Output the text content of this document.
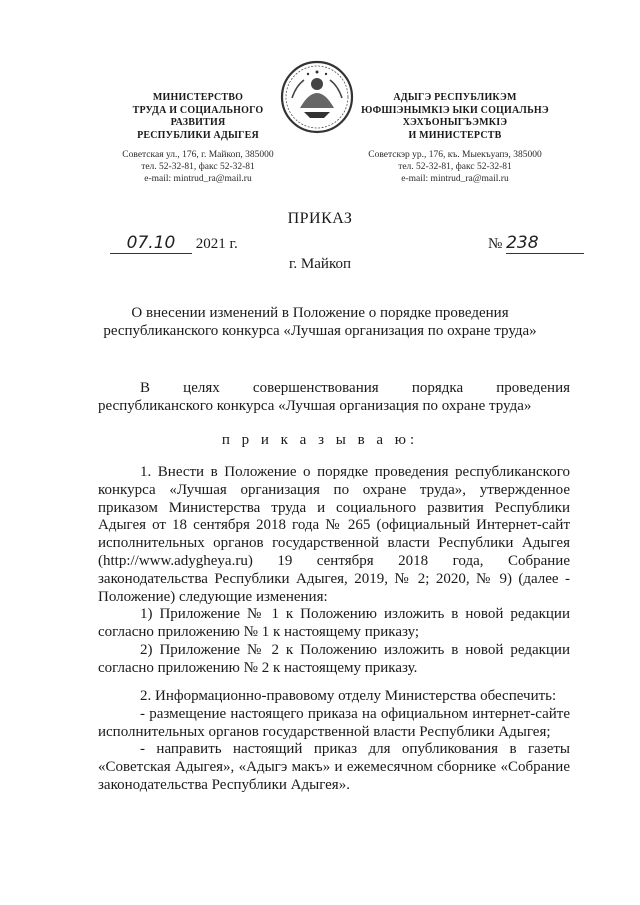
МИНИСТЕРСТВО
ТРУДА И СОЦИАЛЬНОГО
РАЗВИТИЯ
РЕСПУБЛИКИ АДЫГЕЯ
Советская ул., 176, г. Майкоп, 385000
тел. 52-32-81, факс 52-32-81
e-mail: mintrud_ra@mail.ru
АДЫГЭ РЕСПУБЛИКЭМ
ЮФШІЭНЫМКІЭ ЫКИ СОЦИАЛЬНЭ
ХЭХЪОНЫГЪЭМКІЭ
И МИНИСТЕРСТВ
Советскэр ур., 176, къ. Мыекъуапэ, 385000
тел. 52-32-81, факс 52-32-81
e-mail: mintrud_ra@mail.ru
ПРИКАЗ
07.10 2021 г.	№ 238
г. Майкоп
О внесении изменений в Положение о порядке проведения
республиканского конкурса «Лучшая организация по охране труда»

В целях совершенствования порядка проведения республиканского конкурса «Лучшая организация по охране труда»

п р и к а з ы в а ю:

1. Внести в Положение о порядке проведения республиканского конкурса «Лучшая организация по охране труда», утвержденное приказом Министерства труда и социального развития Республики Адыгея от 18 сентября 2018 года № 265 (официальный Интернет-сайт исполнительных органов государственной власти Республики Адыгея (http://www.adygheya.ru) 19 сентября 2018 года, Собрание законодательства Республики Адыгея, 2019, № 2; 2020, № 9) (далее - Положение) следующие изменения:

1) Приложение № 1 к Положению изложить в новой редакции согласно приложению № 1 к настоящему приказу;

2) Приложение № 2 к Положению изложить в новой редакции согласно приложению № 2 к настоящему приказу.

2. Информационно-правовому отделу Министерства обеспечить:

- размещение настоящего приказа на официальном интернет-сайте исполнительных органов государственной власти Республики Адыгея;

- направить настоящий приказ для опубликования в газеты «Советская Адыгея», «Адыгэ макъ» и ежемесячном сборнике «Собрание законодательства Республики Адыгея».
